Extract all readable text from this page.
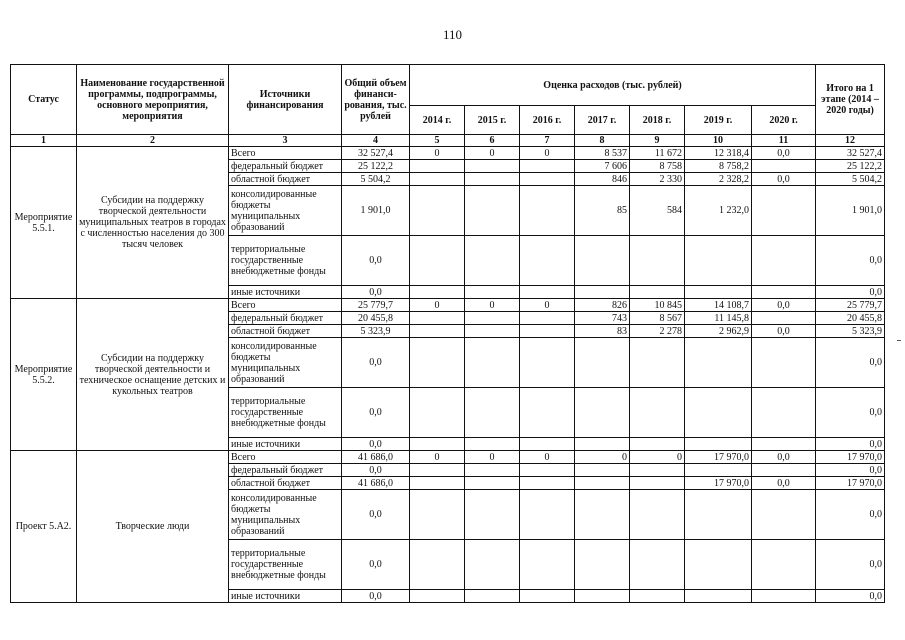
110
Статус	Наименование государственной программы, подпрограммы, основного мероприятия, мероприятия	Источники финансирования	Общий объем финанси-рования, тыс. рублей	Оценка расходов (тыс. рублей)							Итого на 1 этапе (2014 – 2020 годы)
				2014 г.	2015 г.	2016 г.	2017 г.	2018 г.	2019 г.	2020 г.	
1	2	3	4	5	6	7	8	9	10	11	12
Мероприятие 5.5.1.	Субсидии на поддержку творческой деятельности муниципальных театров в городах с численностью населения до 300 тысяч человек	Всего	32 527,4	0	0	0	8 537	11 672	12 318,4	0,0	32 527,4
		федеральный бюджет	25 122,2				7 606	8 758	8 758,2		25 122,2
		областной бюджет	5 504,2				846	2 330	2 328,2	0,0	5 504,2
		консолидированные бюджеты муниципальных образований	1 901,0				85	584	1 232,0		1 901,0
		территориальные государственные внебюджетные фонды	0,0								0,0
		иные источники	0,0								0,0
Мероприятие 5.5.2.	Субсидии на поддержку творческой деятельности и техническое оснащение детских и кукольных театров	Всего	25 779,7	0	0	0	826	10 845	14 108,7	0,0	25 779,7
		федеральный бюджет	20 455,8				743	8 567	11 145,8		20 455,8
		областной бюджет	5 323,9				83	2 278	2 962,9	0,0	5 323,9
		консолидированные бюджеты муниципальных образований	0,0								0,0
		территориальные государственные внебюджетные фонды	0,0								0,0
		иные источники	0,0								0,0
Проект 5.А2.	Творческие люди	Всего	41 686,0	0	0	0	0	0	17 970,0	0,0	17 970,0
		федеральный бюджет	0,0								0,0
		областной бюджет	41 686,0						17 970,0	0,0	17 970,0
		консолидированные бюджеты муниципальных образований	0,0								0,0
		территориальные государственные внебюджетные фонды	0,0								0,0
		иные источники	0,0								0,0
